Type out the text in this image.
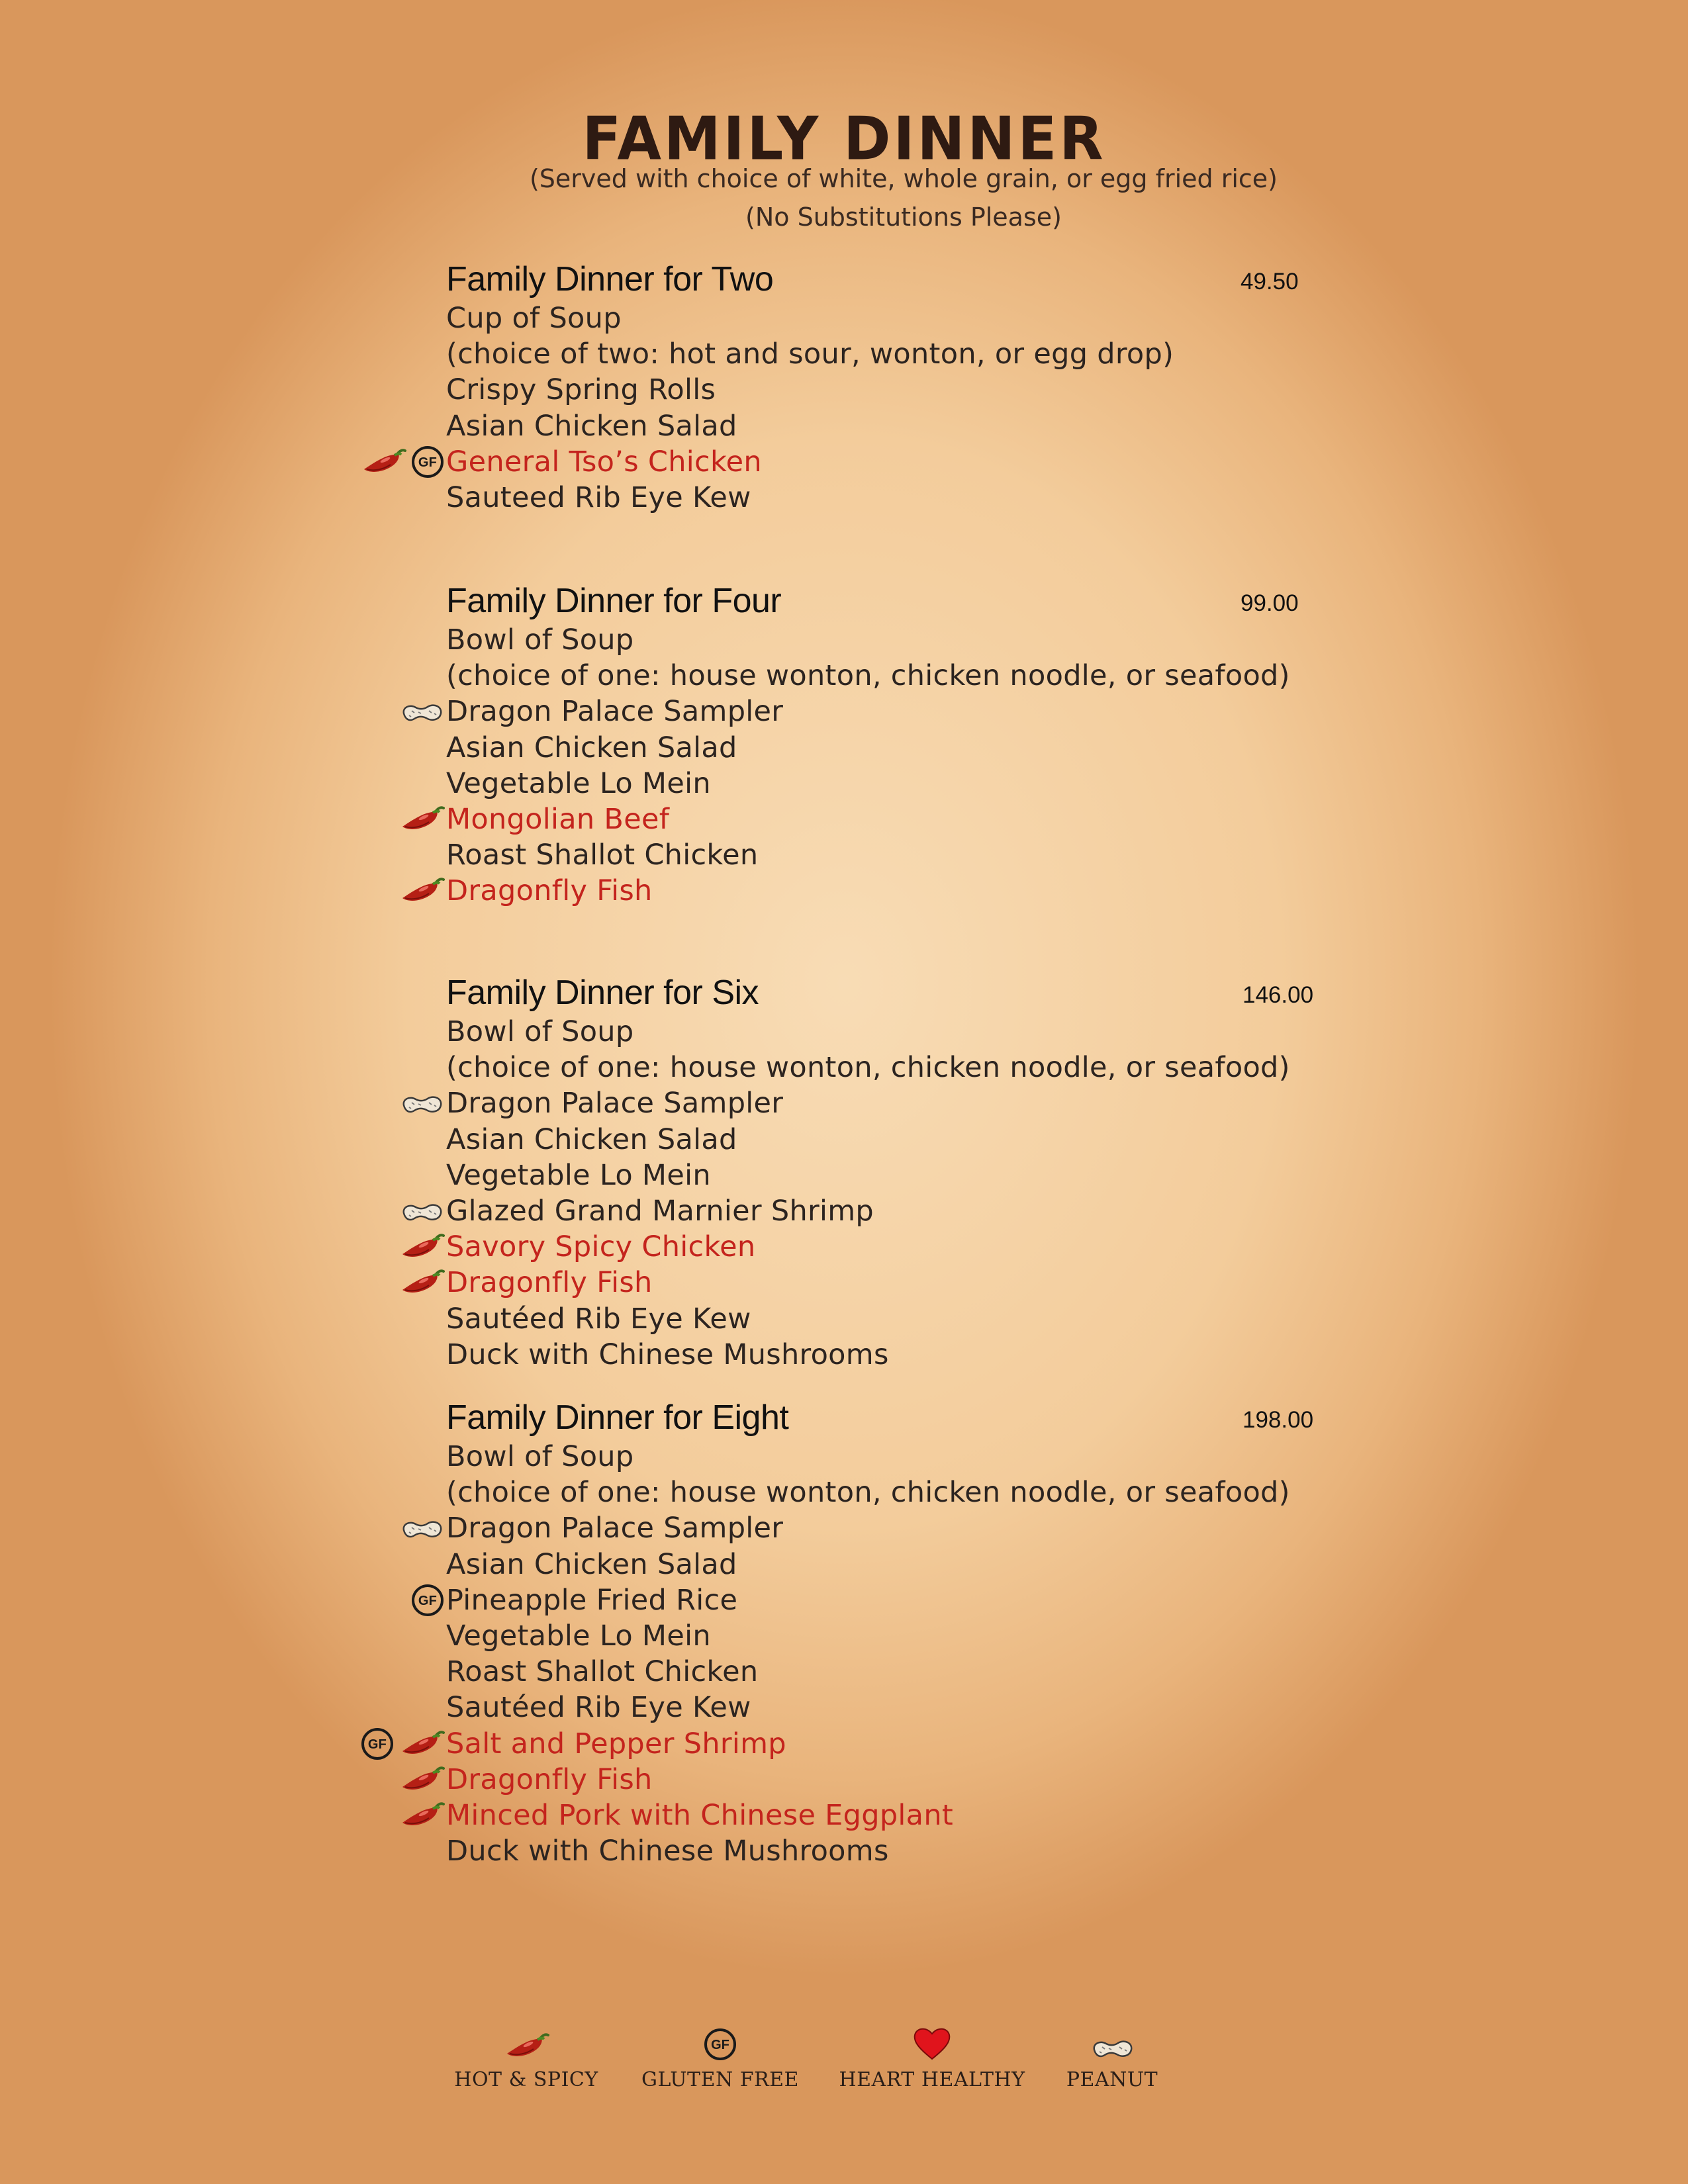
FAMILY DINNER
(Served with choice of white, whole grain, or egg fried rice)
(No Substitutions Please)
Family Dinner for Two	49.50
Cup of Soup
(choice of two: hot and sour, wonton, or egg drop)
Crispy Spring Rolls
Asian Chicken Salad
GF General Tso’s Chicken
Sauteed Rib Eye Kew
Family Dinner for Four	99.00
Bowl of Soup
(choice of one: house wonton, chicken noodle, or seafood)
Dragon Palace Sampler
Asian Chicken Salad
Vegetable Lo Mein
Mongolian Beef
Roast Shallot Chicken
Dragonfly Fish
Family Dinner for Six	146.00
Bowl of Soup
(choice of one: house wonton, chicken noodle, or seafood)
Dragon Palace Sampler
Asian Chicken Salad
Vegetable Lo Mein
Glazed Grand Marnier Shrimp
Savory Spicy Chicken
Dragonfly Fish
Sautéed Rib Eye Kew
Duck with Chinese Mushrooms
Family Dinner for Eight	198.00
Bowl of Soup
(choice of one: house wonton, chicken noodle, or seafood)
Dragon Palace Sampler
Asian Chicken Salad
GF Pineapple Fried Rice
Vegetable Lo Mein
Roast Shallot Chicken
Sautéed Rib Eye Kew
GF Salt and Pepper Shrimp
Dragonfly Fish
Minced Pork with Chinese Eggplant
Duck with Chinese Mushrooms
HOT & SPICY
GF
GLUTEN FREE	HEART HEALTHY	PEANUT
